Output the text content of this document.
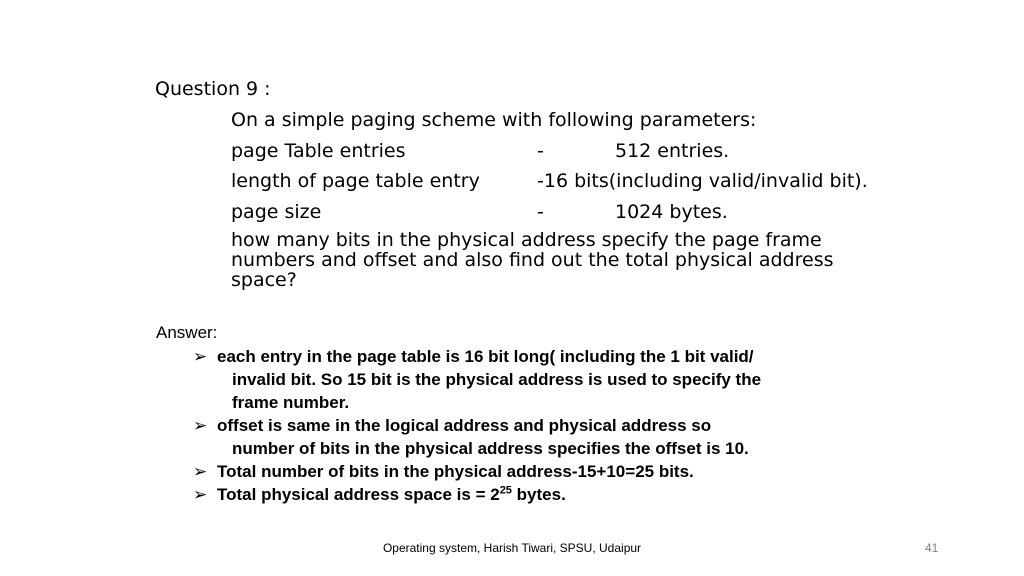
Question 9 :
On a simple paging scheme with following parameters:
page Table entries	-	512 entries.
length of page table entry	-16 bits(including valid/invalid bit).
page size	-	1024 bytes.
how many bits in the physical address specify the page frame numbers and offset and also find out the total physical address space?
Answer:
➢ each entry in the page table is 16 bit long( including the 1 bit valid/
invalid bit. So 15 bit is the physical address is used to specify the
frame number.
➢ offset is same in the logical address and physical address so
number of bits in the physical address specifies the offset is 10.
➢ Total number of bits in the physical address-15+10=25 bits.
➢ Total physical address space is = $2^{25}$ bytes.
Operating system, Harish Tiwari, SPSU, Udaipur	41
